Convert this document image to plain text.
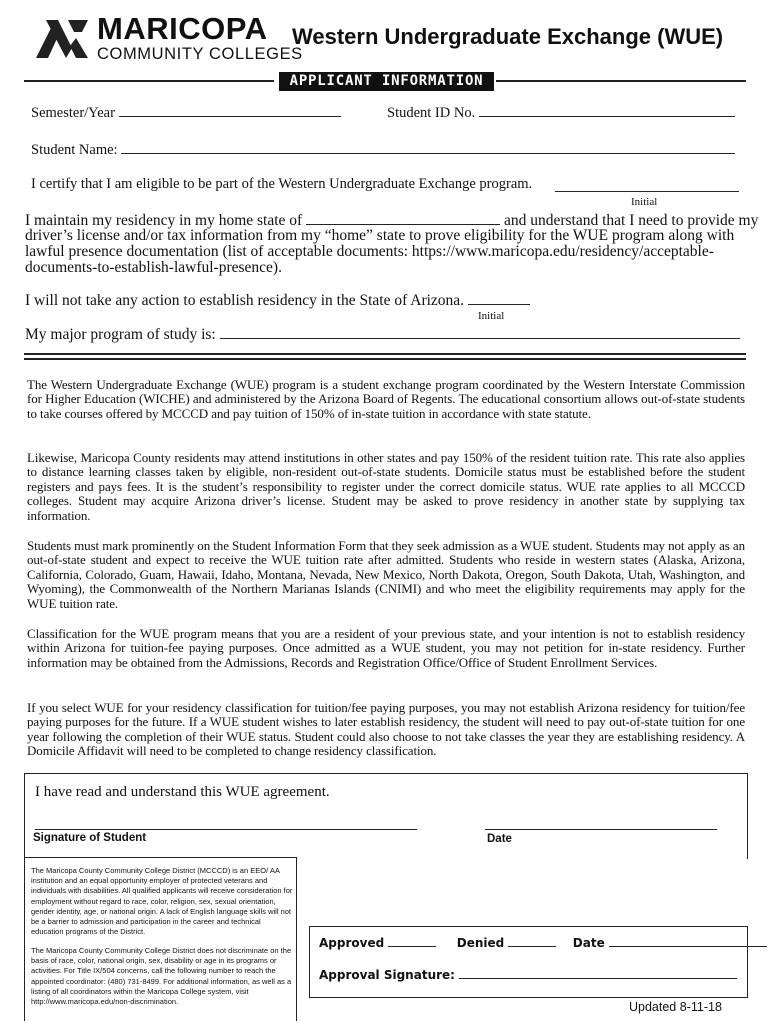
MARICOPA
COMMUNITY COLLEGES
Western Undergraduate Exchange (WUE)
APPLICANT INFORMATION
Semester/Year	Student ID No.
Student Name:
I certify that I am eligible to be part of the Western Undergraduate Exchange program.
Initial
I maintain my residency in my home state of	and understand that I need to provide my
driver’s license and/or tax information from my “home” state to prove eligibility for the WUE program along with
lawful presence documentation (list of acceptable documents: https://www.maricopa.edu/residency/acceptable-
documents-to-establish-lawful-presence).
I will not take any action to establish residency in the State of Arizona.
Initial
My major program of study is:
The Western Undergraduate Exchange (WUE) program is a student exchange program coordinated by the Western Interstate Commission for Higher Education (WICHE) and administered by the Arizona Board of Regents. The educational consortium allows out-of-state students to take courses offered by MCCCD and pay tuition of 150% of in-state tuition in accordance with state statute.
Likewise, Maricopa County residents may attend institutions in other states and pay 150% of the resident tuition rate. This rate also applies to distance learning classes taken by eligible, non-resident out-of-state students. Domicile status must be established before the student registers and pays fees. It is the student’s responsibility to register under the correct domicile status. WUE rate applies to all MCCCD colleges. Student may acquire Arizona driver’s license. Student may be asked to prove residency in another state by supplying tax information.
Students must mark prominently on the Student Information Form that they seek admission as a WUE student. Students may not apply as an out-of-state student and expect to receive the WUE tuition rate after admitted. Students who reside in western states (Alaska, Arizona, California, Colorado, Guam, Hawaii, Idaho, Montana, Nevada, New Mexico, North Dakota, Oregon, South Dakota, Utah, Washington, and Wyoming), the Commonwealth of the Northern Marianas Islands (CNIMI) and who meet the eligibility requirements may apply for the WUE tuition rate.
Classification for the WUE program means that you are a resident of your previous state, and your intention is not to establish residency within Arizona for tuition-fee paying purposes. Once admitted as a WUE student, you may not petition for in-state residency. Further information may be obtained from the Admissions, Records and Registration Office/Office of Student Enrollment Services.
If you select WUE for your residency classification for tuition/fee paying purposes, you may not establish Arizona residency for tuition/fee paying purposes for the future. If a WUE student wishes to later establish residency, the student will need to pay out-of-state tuition for one year following the completion of their WUE status. Student could also choose to not take classes the year they are establishing residency. A Domicile Affidavit will need to be completed to change residency classification.
I have read and understand this WUE agreement.
Signature of Student	Date
The Maricopa County Community College District (MCCCD) is an EEO/ AA institution and an equal opportunity employer of protected veterans and individuals with disabilities. All qualified applicants will receive consideration for employment without regard to race, color, religion, sex, sexual orientation, gender identity, age, or national origin. A lack of English language skills will not be a barrier to admission and participation in the career and technical education programs of the District.
The Maricopa County Community College District does not discriminate on the basis of race, color, national origin, sex, disability or age in its programs or activities. For Title IX/504 concerns, call the following number to reach the appointed coordinator: (480) 731-8499. For additional information, as well as a listing of all coordinators within the Maricopa College system, visit http://www.maricopa.edu/non-discrimination.
Approved	Denied	Date
Approval Signature:
Updated 8-11-18
